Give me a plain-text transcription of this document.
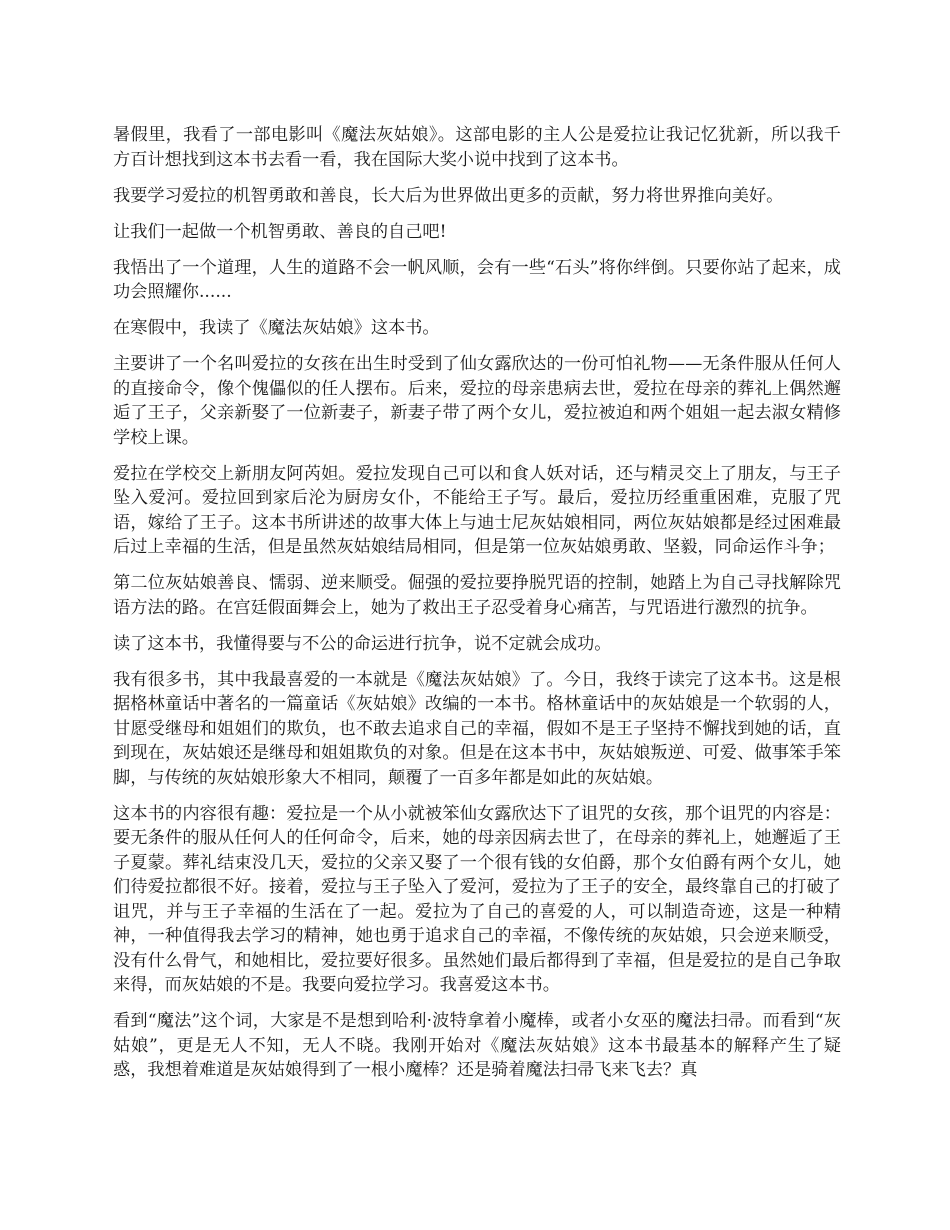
暑假里，我看了一部电影叫《魔法灰姑娘》。这部电影的主人公是爱拉让我记忆犹新，所以我千方百计想找到这本书去看一看，我在国际大奖小说中找到了这本书。

我要学习爱拉的机智勇敢和善良，长大后为世界做出更多的贡献，努力将世界推向美好。

让我们一起做一个机智勇敢、善良的自己吧!

我悟出了一个道理，人生的道路不会一帆风顺，会有一些“石头”将你绊倒。只要你站了起来，成功会照耀你......

在寒假中，我读了《魔法灰姑娘》这本书。

主要讲了一个名叫爱拉的女孩在出生时受到了仙女露欣达的一份可怕礼物——无条件服从任何人的直接命令，像个傀儡似的任人摆布。后来，爱拉的母亲患病去世，爱拉在母亲的葬礼上偶然邂逅了王子，父亲新娶了一位新妻子，新妻子带了两个女儿，爱拉被迫和两个姐姐一起去淑女精修学校上课。

爱拉在学校交上新朋友阿芮妲。爱拉发现自己可以和食人妖对话，还与精灵交上了朋友，与王子坠入爱河。爱拉回到家后沦为厨房女仆，不能给王子写。最后，爱拉历经重重困难，克服了咒语，嫁给了王子。这本书所讲述的故事大体上与迪士尼灰姑娘相同，两位灰姑娘都是经过困难最后过上幸福的生活，但是虽然灰姑娘结局相同，但是第一位灰姑娘勇敢、坚毅，同命运作斗争；

第二位灰姑娘善良、懦弱、逆来顺受。倔强的爱拉要挣脱咒语的控制，她踏上为自己寻找解除咒语方法的路。在宫廷假面舞会上，她为了救出王子忍受着身心痛苦，与咒语进行激烈的抗争。

读了这本书，我懂得要与不公的命运进行抗争，说不定就会成功。

我有很多书，其中我最喜爱的一本就是《魔法灰姑娘》了。今日，我终于读完了这本书。这是根据格林童话中著名的一篇童话《灰姑娘》改编的一本书。格林童话中的灰姑娘是一个软弱的人，甘愿受继母和姐姐们的欺负，也不敢去追求自己的幸福，假如不是王子坚持不懈找到她的话，直到现在，灰姑娘还是继母和姐姐欺负的对象。但是在这本书中，灰姑娘叛逆、可爱、做事笨手笨脚，与传统的灰姑娘形象大不相同，颠覆了一百多年都是如此的灰姑娘。

这本书的内容很有趣：爱拉是一个从小就被笨仙女露欣达下了诅咒的女孩，那个诅咒的内容是：要无条件的服从任何人的任何命令，后来，她的母亲因病去世了，在母亲的葬礼上，她邂逅了王子夏蒙。葬礼结束没几天，爱拉的父亲又娶了一个很有钱的女伯爵，那个女伯爵有两个女儿，她们待爱拉都很不好。接着，爱拉与王子坠入了爱河，爱拉为了王子的安全，最终靠自己的打破了诅咒，并与王子幸福的生活在了一起。爱拉为了自己的喜爱的人，可以制造奇迹，这是一种精神，一种值得我去学习的精神，她也勇于追求自己的幸福，不像传统的灰姑娘，只会逆来顺受，没有什么骨气，和她相比，爱拉要好很多。虽然她们最后都得到了幸福，但是爱拉的是自己争取来得，而灰姑娘的不是。我要向爱拉学习。我喜爱这本书。

看到“魔法”这个词，大家是不是想到哈利·波特拿着小魔棒，或者小女巫的魔法扫帚。而看到“灰姑娘”，更是无人不知，无人不晓。我刚开始对《魔法灰姑娘》这本书最基本的解释产生了疑惑，我想着难道是灰姑娘得到了一根小魔棒？还是骑着魔法扫帚飞来飞去？真
